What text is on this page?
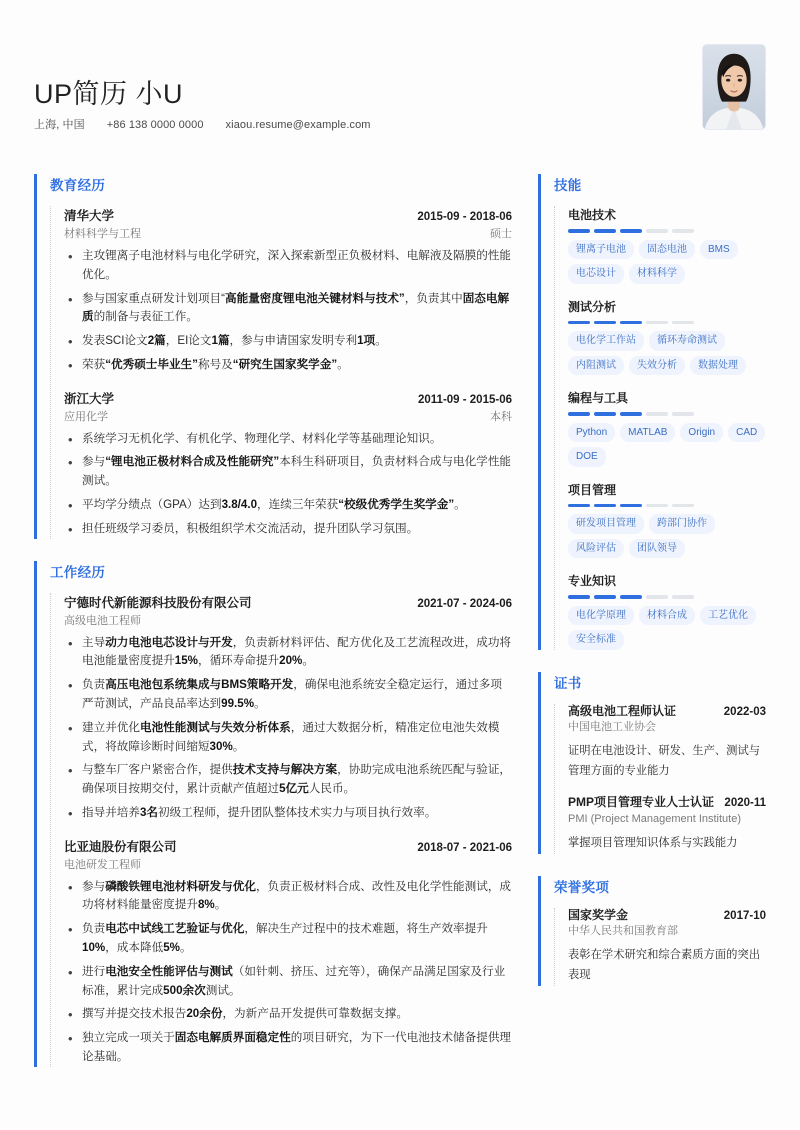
UP简历 小U
上海, 中国 +86 138 0000 0000 xiaou.resume@example.com
教育经历
清华大学	2015-09 - 2018-06
材料科学与工程	硕士
• 主攻锂离子电池材料与电化学研究，深入探索新型正负极材料、电解液及隔膜的性能优化。
• 参与国家重点研发计划项目“高能量密度锂电池关键材料与技术”，负责其中固态电解质的制备与表征工作。
• 发表SCI论文2篇，EI论文1篇，参与申请国家发明专利1项。
• 荣获“优秀硕士毕业生”称号及“研究生国家奖学金”。
浙江大学	2011-09 - 2015-06
应用化学	本科
• 系统学习无机化学、有机化学、物理化学、材料化学等基础理论知识。
• 参与“锂电池正极材料合成及性能研究”本科生科研项目，负责材料合成与电化学性能测试。
• 平均学分绩点（GPA）达到3.8/4.0，连续三年荣获“校级优秀学生奖学金”。
• 担任班级学习委员，积极组织学术交流活动，提升团队学习氛围。
工作经历
宁德时代新能源科技股份有限公司	2021-07 - 2024-06
高级电池工程师
• 主导动力电池电芯设计与开发，负责新材料评估、配方优化及工艺流程改进，成功将电池能量密度提升15%，循环寿命提升20%。
• 负责高压电池包系统集成与BMS策略开发，确保电池系统安全稳定运行，通过多项严苛测试，产品良品率达到99.5%。
• 建立并优化电池性能测试与失效分析体系，通过大数据分析，精准定位电池失效模式，将故障诊断时间缩短30%。
• 与整车厂客户紧密合作，提供技术支持与解决方案，协助完成电池系统匹配与验证，确保项目按期交付，累计贡献产值超过5亿元人民币。
• 指导并培养3名初级工程师，提升团队整体技术实力与项目执行效率。
比亚迪股份有限公司	2018-07 - 2021-06
电池研发工程师
• 参与磷酸铁锂电池材料研发与优化，负责正极材料合成、改性及电化学性能测试，成功将材料能量密度提升8%。
• 负责电芯中试线工艺验证与优化，解决生产过程中的技术难题，将生产效率提升10%，成本降低5%。
• 进行电池安全性能评估与测试（如针刺、挤压、过充等），确保产品满足国家及行业标准，累计完成500余次测试。
• 撰写并提交技术报告20余份，为新产品开发提供可靠数据支撑。
• 独立完成一项关于固态电解质界面稳定性的项目研究，为下一代电池技术储备提供理论基础。
技能
电池技术
锂离子电池	固态电池	BMS
电芯设计	材料科学
测试分析
电化学工作站	循环寿命测试
内阻测试	失效分析	数据处理
编程与工具
Python	MATLAB	Origin	CAD
DOE
项目管理
研发项目管理	跨部门协作
风险评估	团队领导
专业知识
电化学原理	材料合成	工艺优化
安全标准
证书
高级电池工程师认证	2022-03
中国电池工业协会
证明在电池设计、研发、生产、测试与管理方面的专业能力
PMP项目管理专业人士认证 2020-11
PMI (Project Management Institute)
掌握项目管理知识体系与实践能力
荣誉奖项
国家奖学金	2017-10
中华人民共和国教育部
表彰在学术研究和综合素质方面的突出表现
